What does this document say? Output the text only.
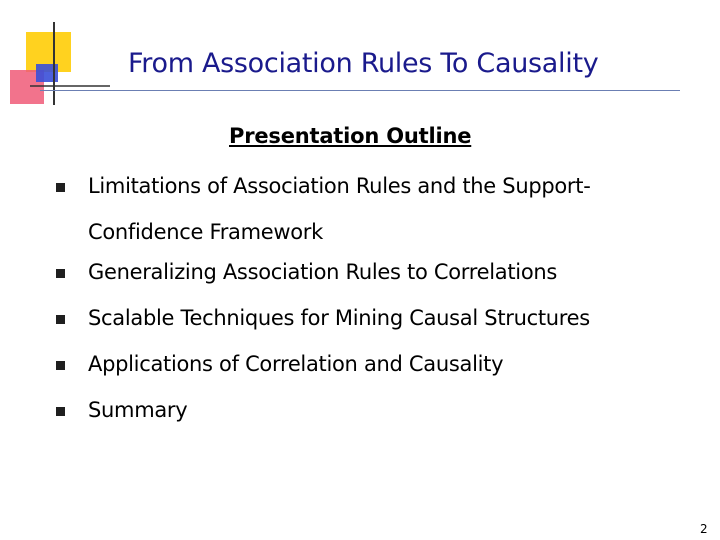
From Association Rules To Causality
Presentation Outline
Limitations of Association Rules and the Support-Confidence Framework
Generalizing Association Rules to Correlations
Scalable Techniques for Mining Causal Structures
Applications of Correlation and Causality
Summary
2
